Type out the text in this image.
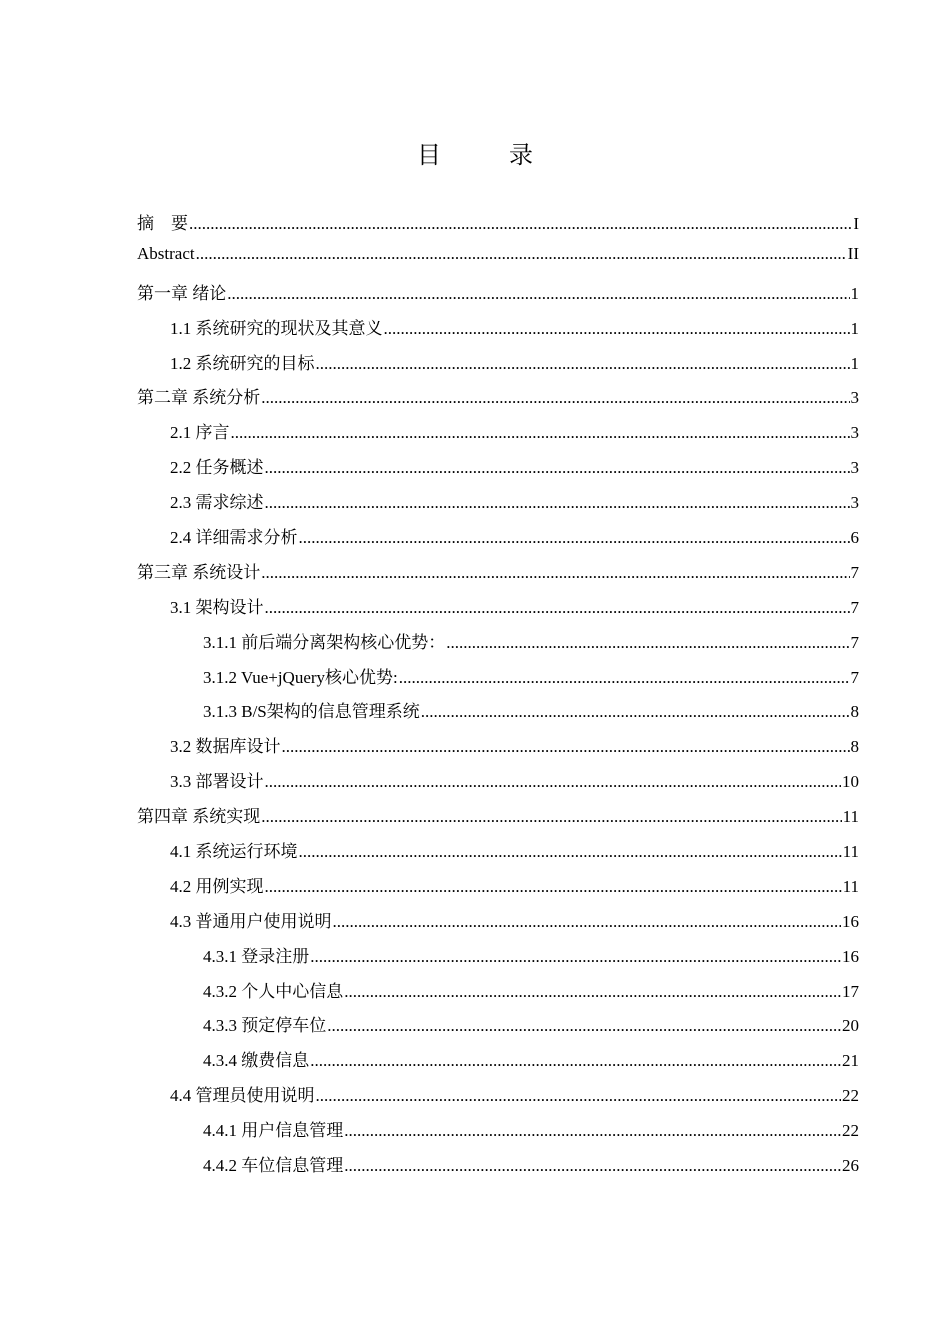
目　录
摘　要 .....	I
Abstract .....	II
第一章 绪论 .....	1
1.1 系统研究的现状及其意义 .....	1
1.2 系统研究的目标 .....	1
第二章 系统分析 .....	3
2.1 序言 .....	3
2.2 任务概述 .....	3
2.3 需求综述 .....	3
2.4 详细需求分析 .....	6
第三章 系统设计 .....	7
3.1 架构设计 .....	7
3.1.1 前后端分离架构核心优势： .....	7
3.1.2 Vue+jQuery核心优势: .....	7
3.1.3 B/S架构的信息管理系统 .....	8
3.2 数据库设计 .....	8
3.3 部署设计 .....	10
第四章 系统实现 .....	11
4.1 系统运行环境 .....	11
4.2 用例实现 .....	11
4.3 普通用户使用说明 .....	16
4.3.1 登录注册 .....	16
4.3.2 个人中心信息 .....	17
4.3.3 预定停车位 .....	20
4.3.4 缴费信息 .....	21
4.4 管理员使用说明 .....	22
4.4.1 用户信息管理 .....	22
4.4.2 车位信息管理 .....	26
